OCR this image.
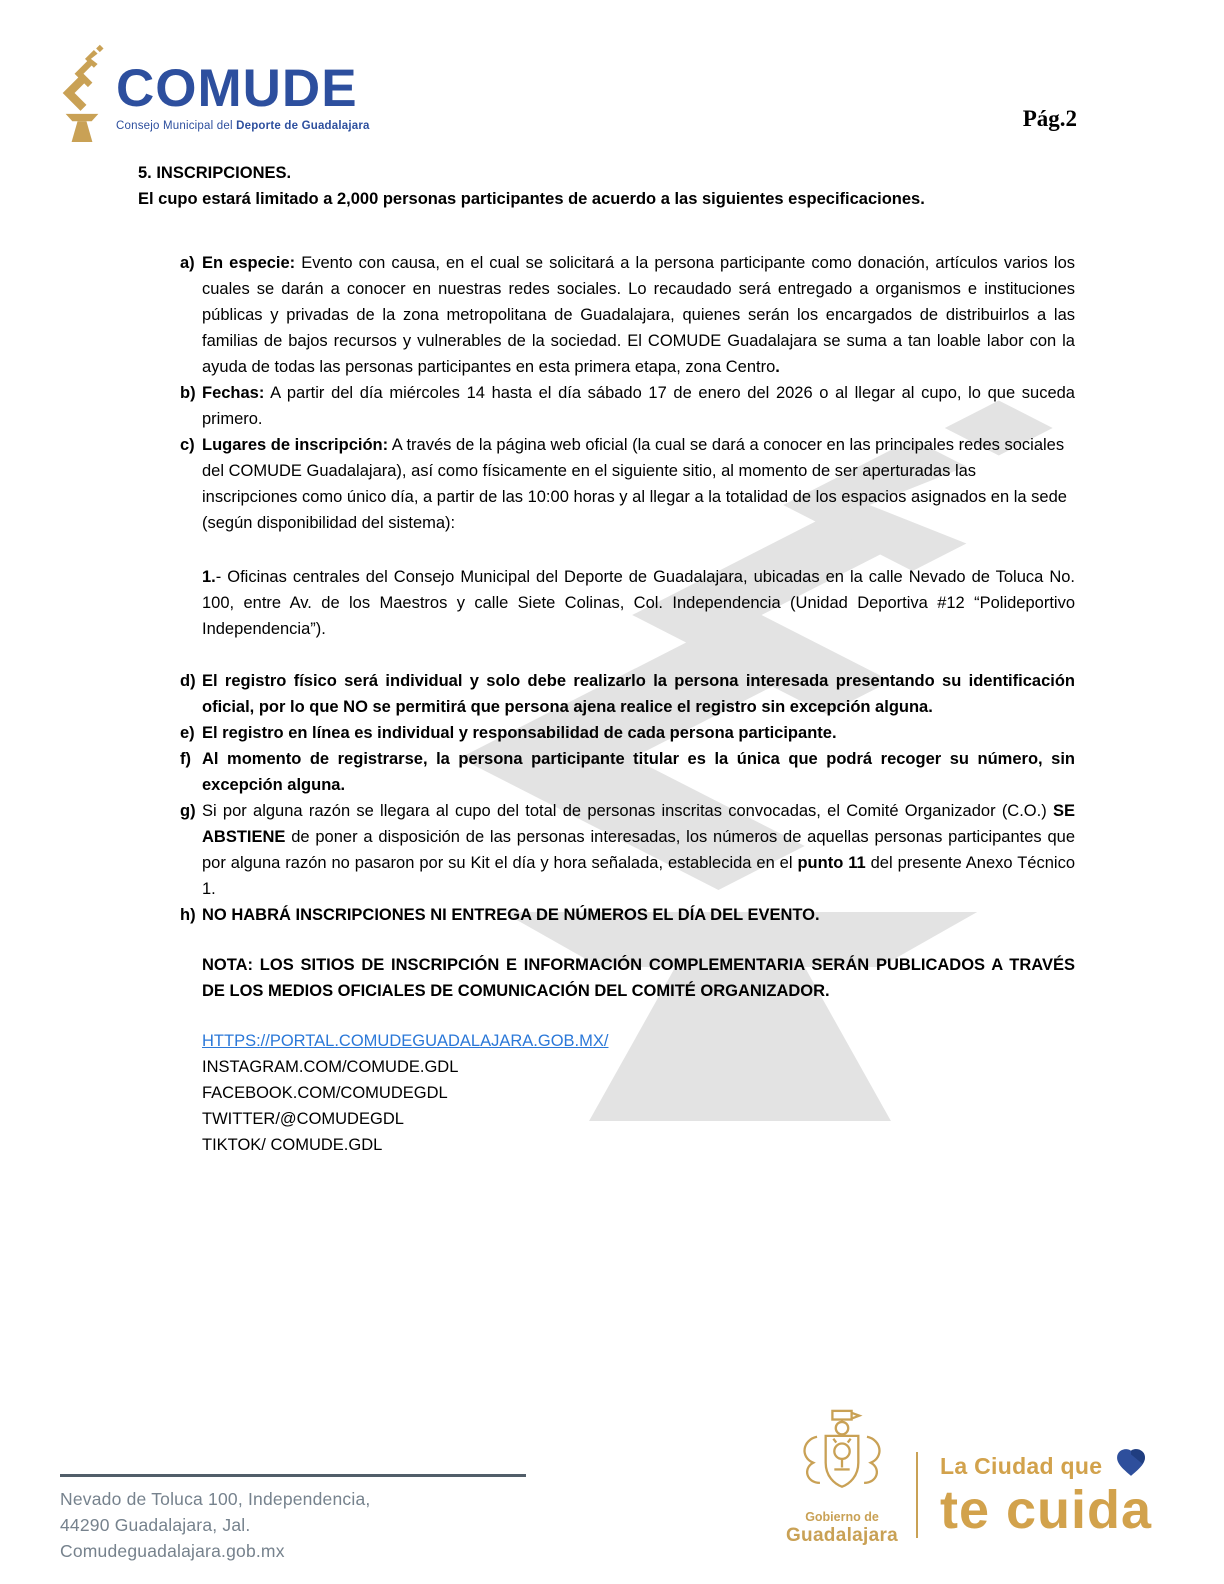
COMUDE
Consejo Municipal del Deporte de Guadalajara	Pág.2
5. INSCRIPCIONES.
El cupo estará limitado a 2,000 personas participantes de acuerdo a las siguientes especificaciones.
a) En especie: Evento con causa, en el cual se solicitará a la persona participante como donación, artículos varios los cuales se darán a conocer en nuestras redes sociales. Lo recaudado será entregado a organismos e instituciones públicas y privadas de la zona metropolitana de Guadalajara, quienes serán los encargados de distribuirlos a las familias de bajos recursos y vulnerables de la sociedad. El COMUDE Guadalajara se suma a tan loable labor con la ayuda de todas las personas participantes en esta primera etapa, zona Centro.
b) Fechas: A partir del día miércoles 14 hasta el día sábado 17 de enero del 2026 o al llegar al cupo, lo que suceda primero.
c) Lugares de inscripción: A través de la página web oficial (la cual se dará a conocer en las principales redes sociales del COMUDE Guadalajara), así como físicamente en el siguiente sitio, al momento de ser aperturadas las inscripciones como único día, a partir de las 10:00 horas y al llegar a la totalidad de los espacios asignados en la sede (según disponibilidad del sistema):
1.- Oficinas centrales del Consejo Municipal del Deporte de Guadalajara, ubicadas en la calle Nevado de Toluca No. 100, entre Av. de los Maestros y calle Siete Colinas, Col. Independencia (Unidad Deportiva #12 “Polideportivo Independencia”).
d) El registro físico será individual y solo debe realizarlo la persona interesada presentando su identificación oficial, por lo que NO se permitirá que persona ajena realice el registro sin excepción alguna.
e) El registro en línea es individual y responsabilidad de cada persona participante.
f) Al momento de registrarse, la persona participante titular es la única que podrá recoger su número, sin excepción alguna.
g) Si por alguna razón se llegara al cupo del total de personas inscritas convocadas, el Comité Organizador (C.O.) SE ABSTIENE de poner a disposición de las personas interesadas, los números de aquellas personas participantes que por alguna razón no pasaron por su Kit el día y hora señalada, establecida en el punto 11 del presente Anexo Técnico 1.
h) NO HABRÁ INSCRIPCIONES NI ENTREGA DE NÚMEROS EL DÍA DEL EVENTO.
NOTA: LOS SITIOS DE INSCRIPCIÓN E INFORMACIÓN COMPLEMENTARIA SERÁN PUBLICADOS A TRAVÉS DE LOS MEDIOS OFICIALES DE COMUNICACIÓN DEL COMITÉ ORGANIZADOR.
HTTPS://PORTAL.COMUDEGUADALAJARA.GOB.MX/
INSTAGRAM.COM/COMUDE.GDL
FACEBOOK.COM/COMUDEGDL
TWITTER/@COMUDEGDL
TIKTOK/ COMUDE.GDL
Nevado de Toluca 100, Independencia,
44290 Guadalajara, Jal.
Comudeguadalajara.gob.mx
Gobierno de
Guadalajara
La Ciudad que
te cuida
